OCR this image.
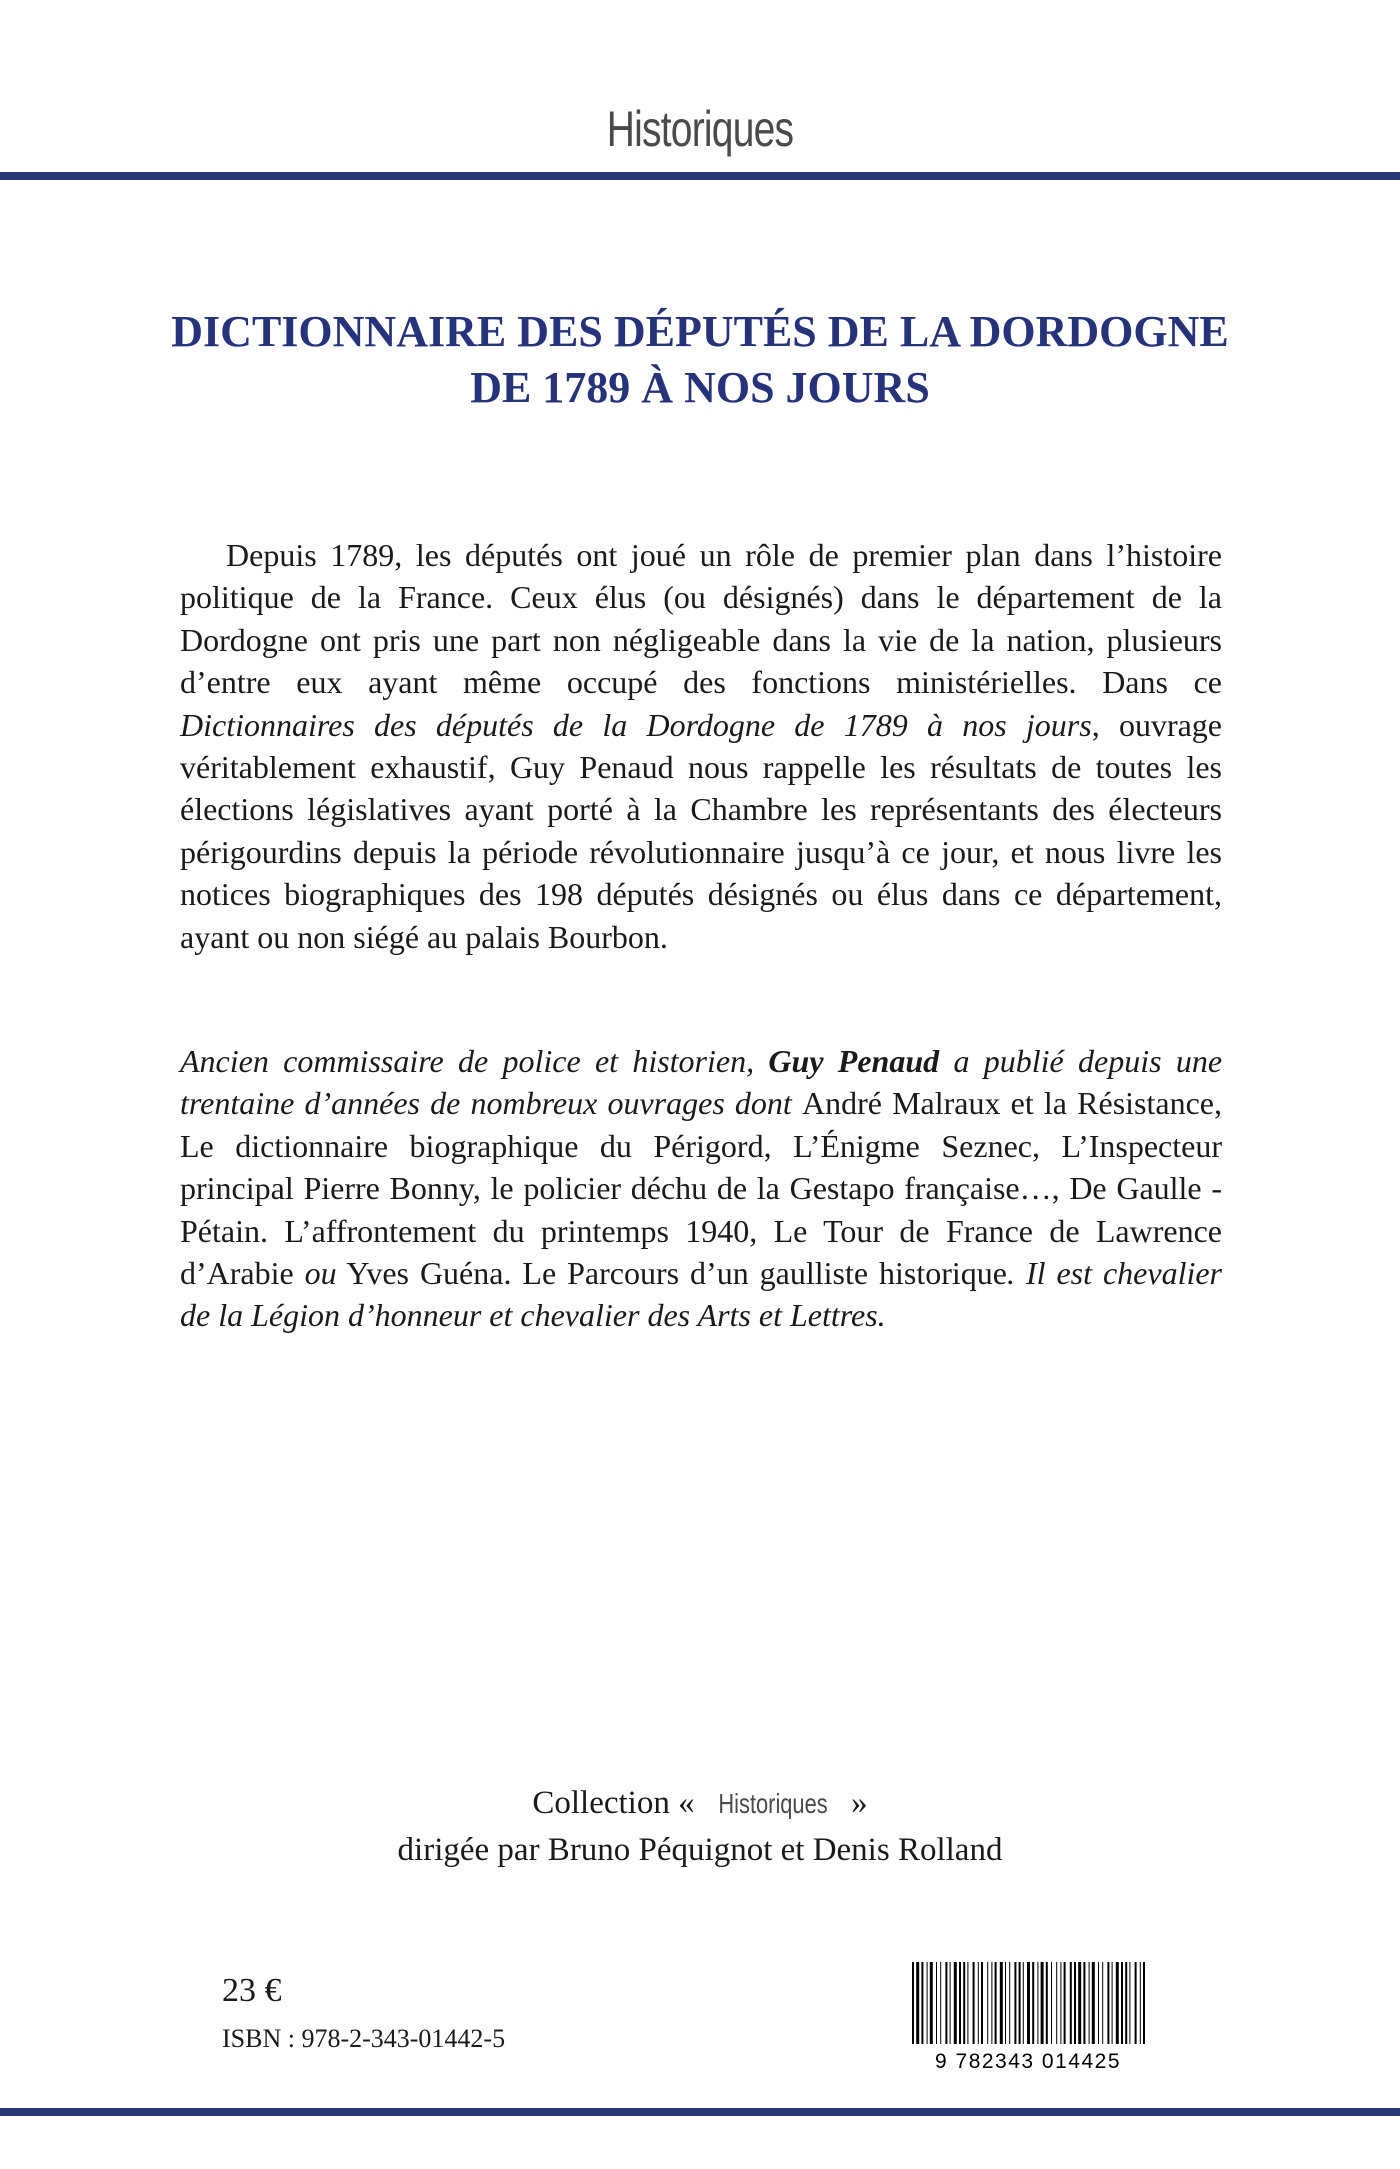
Historiques
DICTIONNAIRE DES DÉPUTÉS DE LA DORDOGNE
DE 1789 À NOS JOURS

Depuis 1789, les députés ont joué un rôle de premier plan dans l’histoire politique de la France. Ceux élus (ou désignés) dans le département de la Dordogne ont pris une part non négligeable dans la vie de la nation, plusieurs d’entre eux ayant même occupé des fonctions ministérielles. Dans ce Dictionnaires des députés de la Dordogne de 1789 à nos jours, ouvrage véritablement exhaustif, Guy Penaud nous rappelle les résultats de toutes les élections législatives ayant porté à la Chambre les représentants des électeurs périgourdins depuis la période révolutionnaire jusqu’à ce jour, et nous livre les notices biographiques des 198 députés désignés ou élus dans ce département, ayant ou non siégé au palais Bourbon.

Ancien commissaire de police et historien, Guy Penaud a publié depuis une trentaine d’années de nombreux ouvrages dont André Malraux et la Résistance, Le dictionnaire biographique du Périgord, L’Énigme Seznec, L’Inspecteur principal Pierre Bonny, le policier déchu de la Gestapo française…, De Gaulle - Pétain. L’affrontement du printemps 1940, Le Tour de France de Lawrence d’Arabie ou Yves Guéna. Le Parcours d’un gaulliste historique. Il est chevalier de la Légion d’honneur et chevalier des Arts et Lettres.

Collection « Historiques »
dirigée par Bruno Péquignot et Denis Rolland
23 €
ISBN : 978-2-343-01442-5
9 782343 014425
